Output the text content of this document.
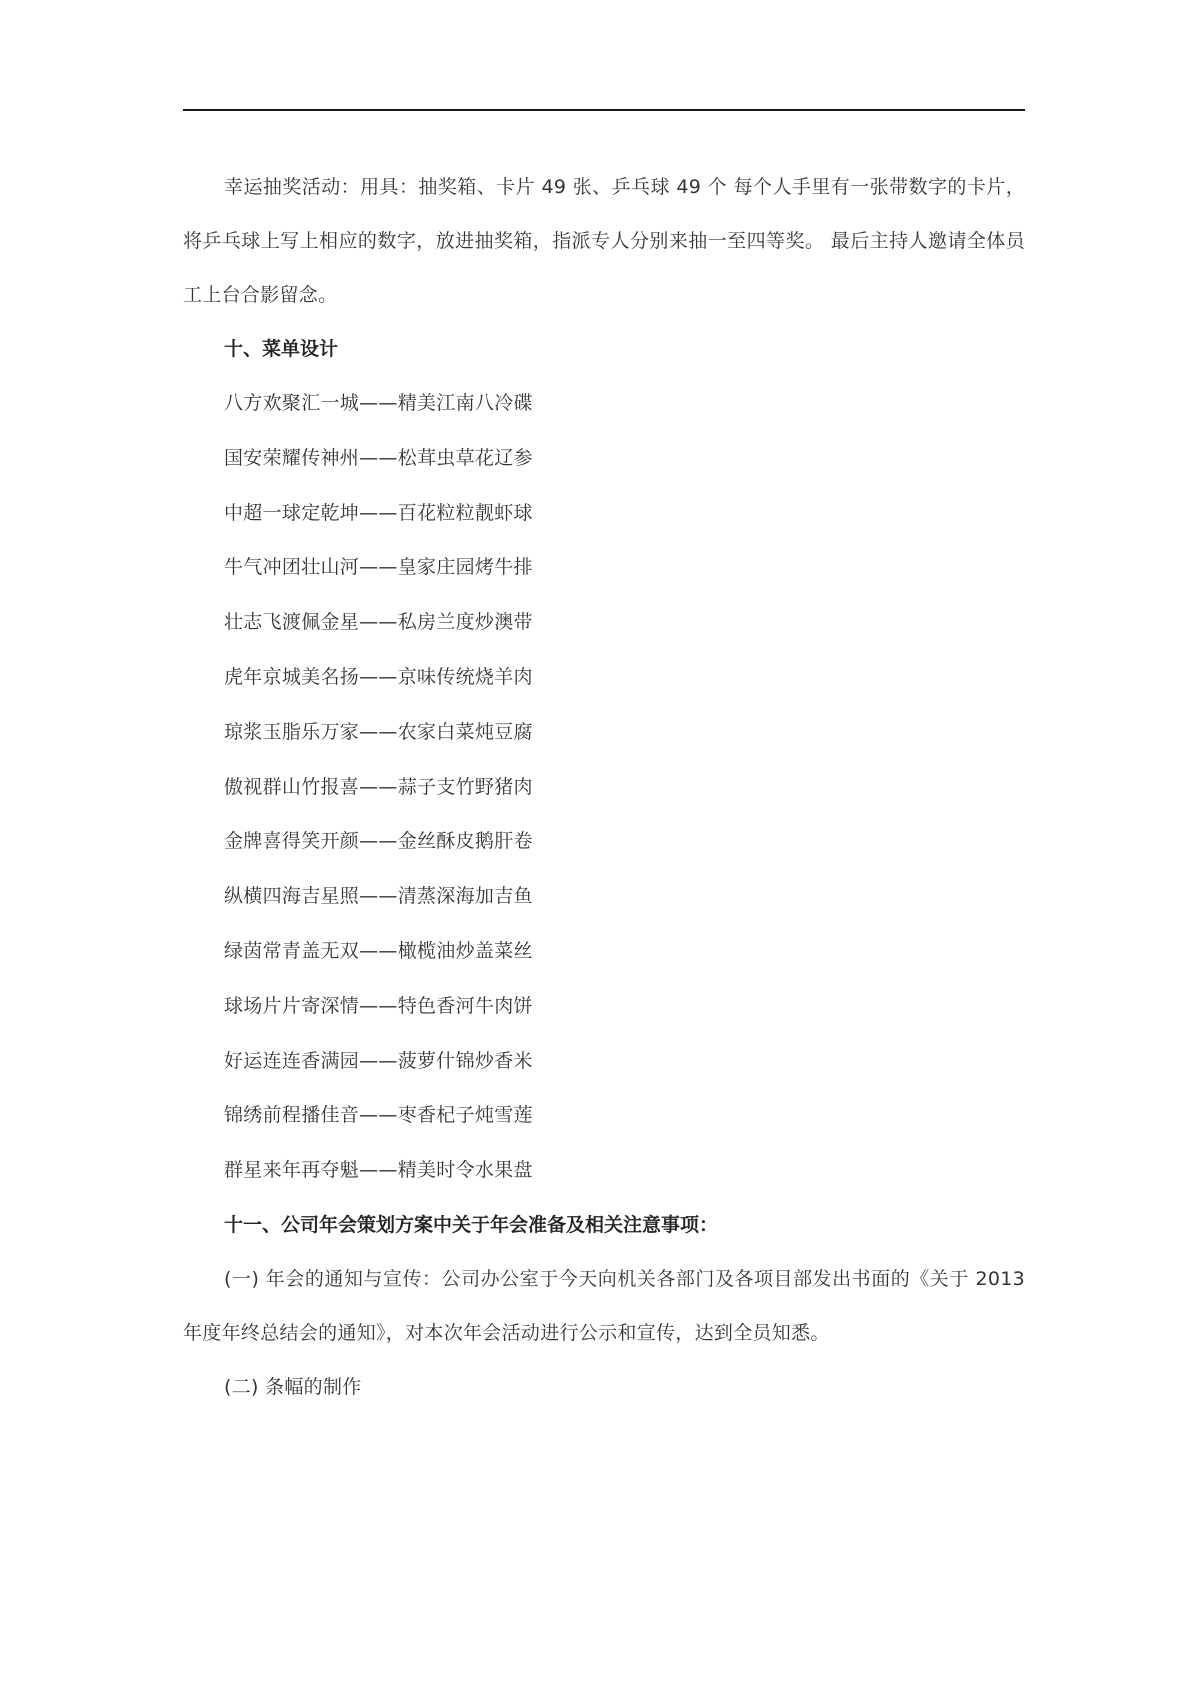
幸运抽奖活动：用具：抽奖箱、卡片 49 张、乒乓球 49 个 每个人手里有一张带数字的卡片，将乒乓球上写上相应的数字，放进抽奖箱，指派专人分别来抽一至四等奖。 最后主持人邀请全体员工上台合影留念。

十、菜单设计

八方欢聚汇一城——精美江南八冷碟
国安荣耀传神州——松茸虫草花辽参
中超一球定乾坤——百花粒粒靓虾球
牛气冲团壮山河——皇家庄园烤牛排
壮志飞渡佩金星——私房兰度炒澳带
虎年京城美名扬——京味传统烧羊肉
琼浆玉脂乐万家——农家白菜炖豆腐
傲视群山竹报喜——蒜子支竹野猪肉
金牌喜得笑开颜——金丝酥皮鹅肝卷
纵横四海吉星照——清蒸深海加吉鱼
绿茵常青盖无双——橄榄油炒盖菜丝
球场片片寄深情——特色香河牛肉饼
好运连连香满园——菠萝什锦炒香米
锦绣前程播佳音——枣香杞子炖雪莲
群星来年再夺魁——精美时令水果盘

十一、公司年会策划方案中关于年会准备及相关注意事项：

(一) 年会的通知与宣传：公司办公室于今天向机关各部门及各项目部发出书面的《关于 2013 年度年终总结会的通知》，对本次年会活动进行公示和宣传，达到全员知悉。

(二) 条幅的制作
